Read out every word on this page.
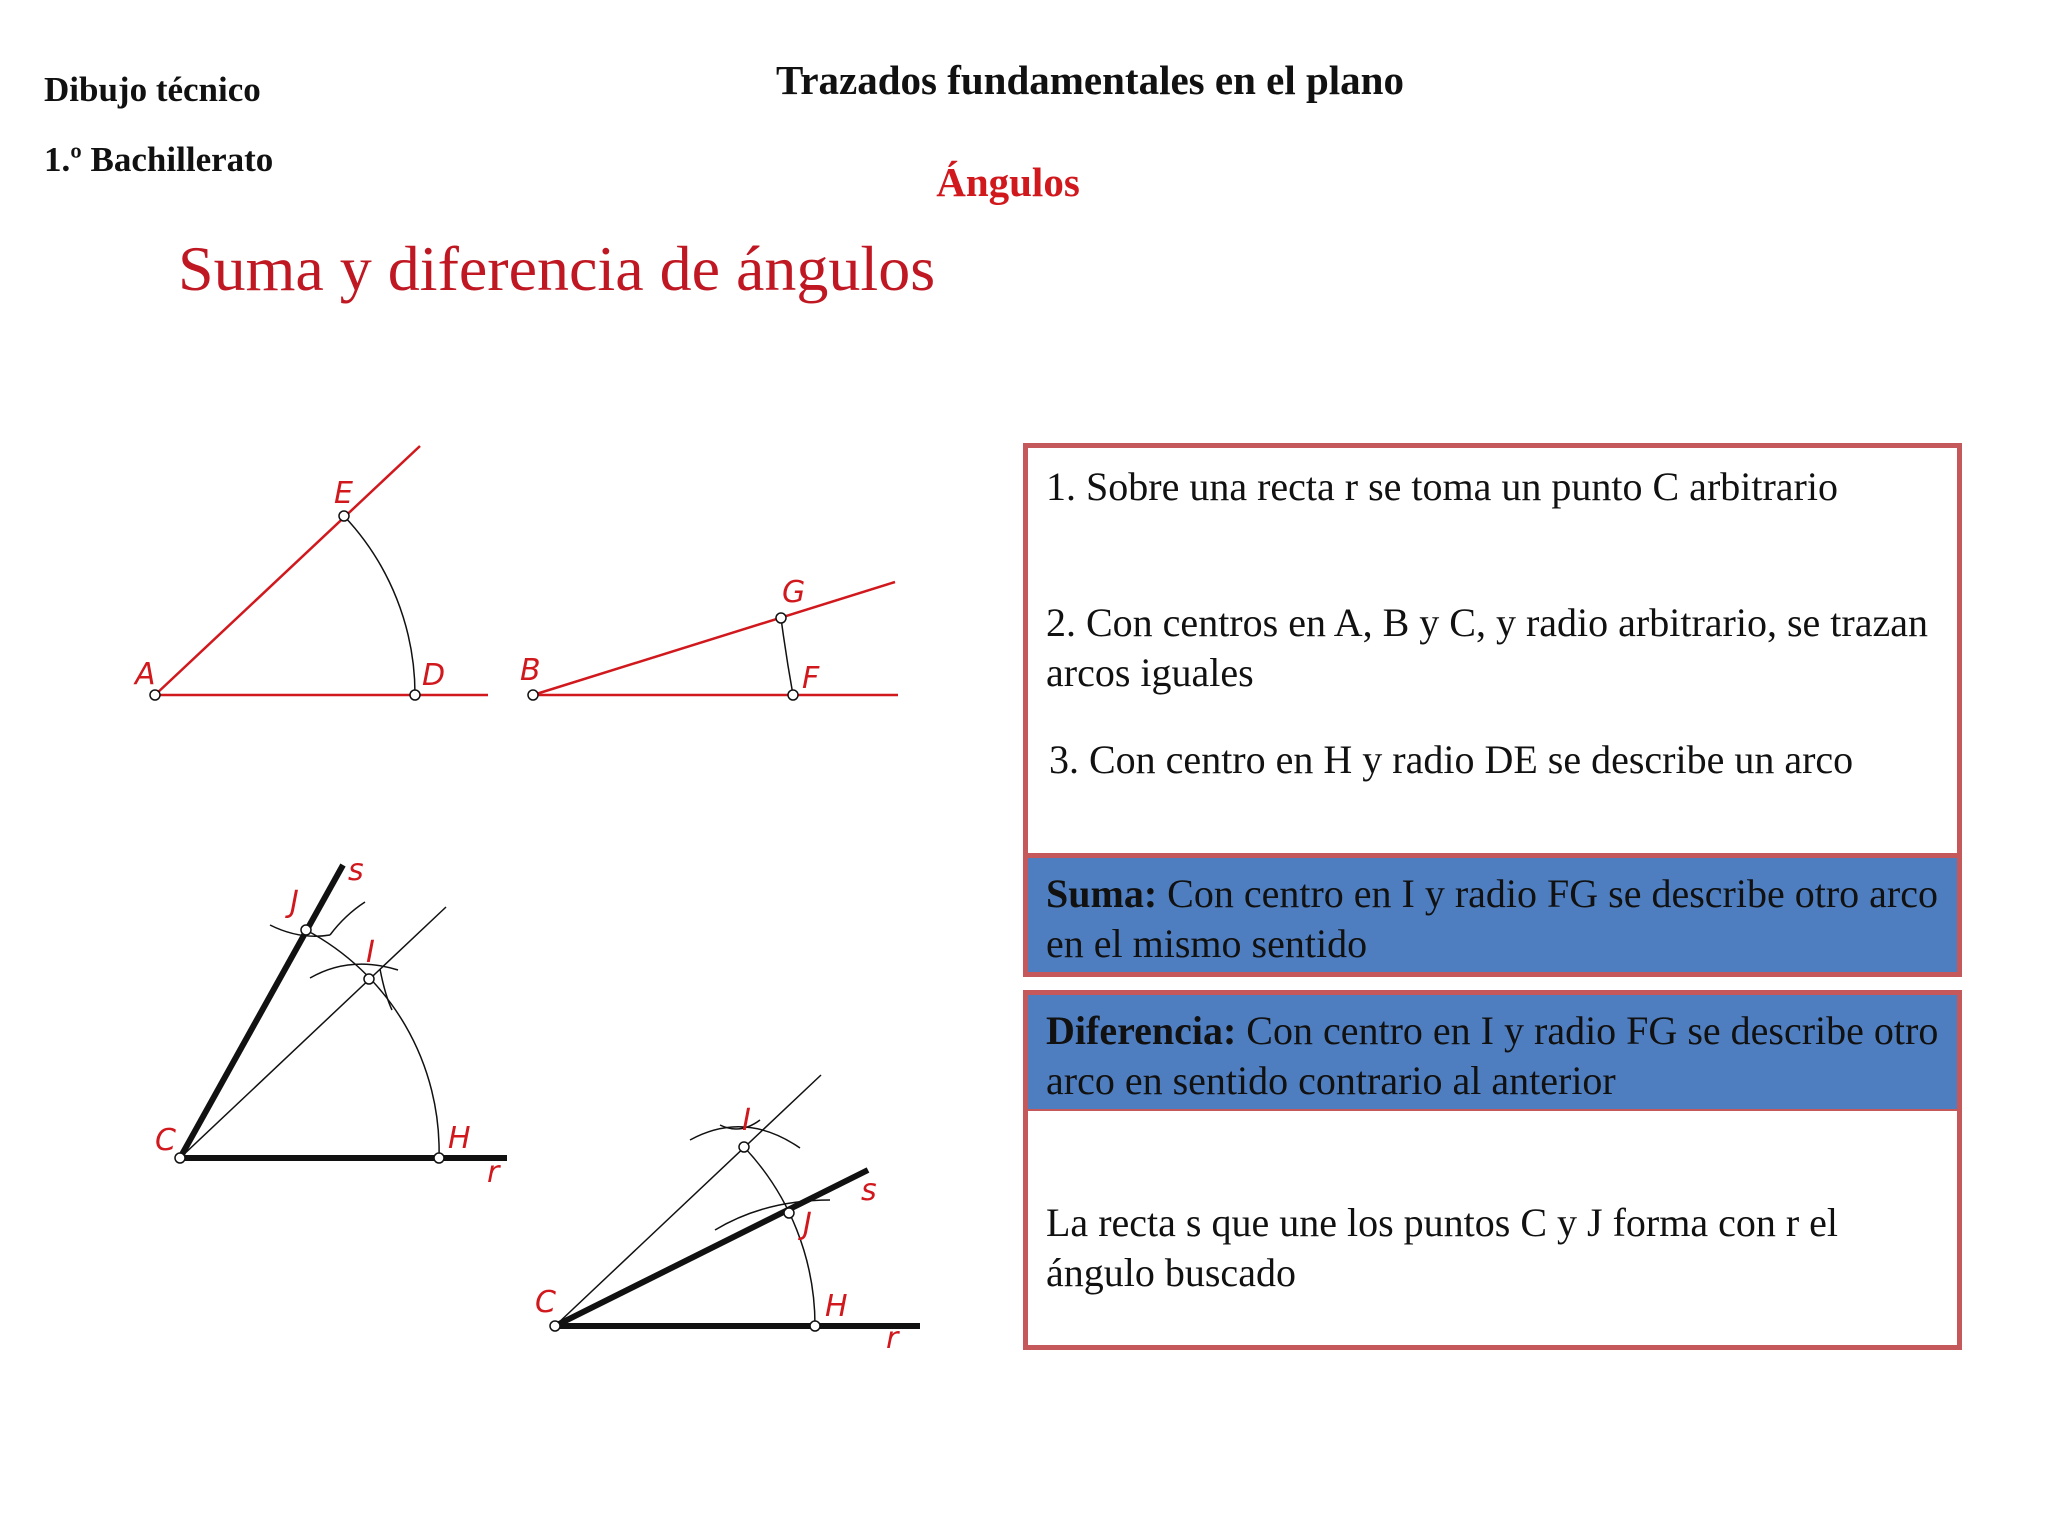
Dibujo técnico
1.º Bachillerato
Trazados fundamentales en el plano
Ángulos
Suma y diferencia de ángulos
A
E
D B
G
F
C	H
r
J
s
I
C	H
r
J
s
I
1. Sobre una recta r se toma un punto C arbitrario
2. Con centros en A, B y C, y radio arbitrario, se trazan arcos iguales
3. Con centro en H y radio DE se describe un arco
Suma: Con centro en I y radio FG se describe otro arco en el mismo sentido
Diferencia: Con centro en I y radio FG se describe otro arco en sentido contrario al anterior
La recta s que une los puntos C y J forma con r el ángulo buscado
